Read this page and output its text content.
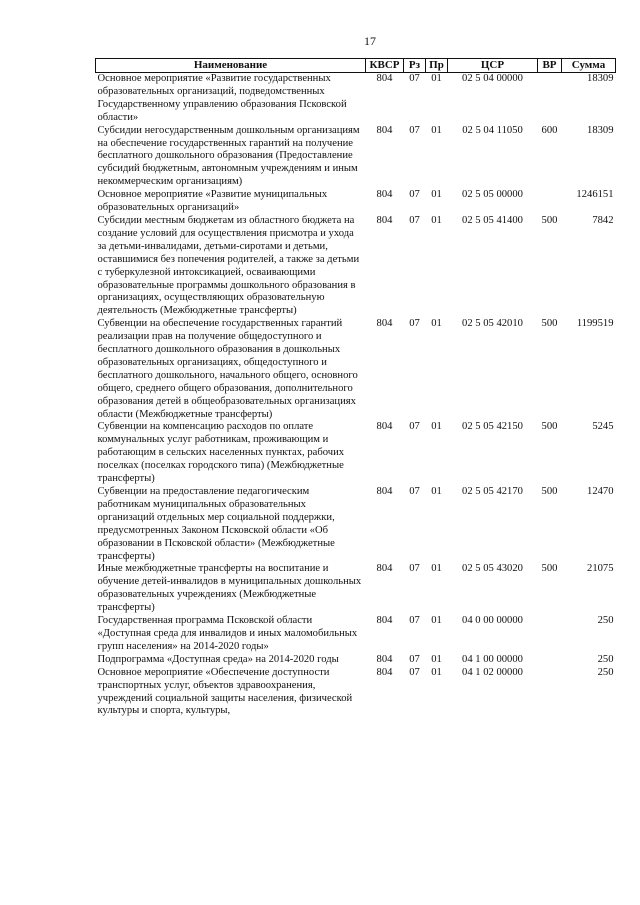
17
Наименование	КВСР	Рз	Пр	ЦСР	ВР	Сумма
Основное мероприятие «Развитие государственных образовательных организаций, подведомственных Государственному управлению образования Псковской области»	804	07	01	02 5 04 00000		18309
Субсидии негосударственным дошкольным организациям на обеспечение государственных гарантий на получение бесплатного дошкольного образования (Предоставление субсидий бюджетным, автономным учреждениям и иным некоммерческим организациям)	804	07	01	02 5 04 11050	600	18309
Основное мероприятие «Развитие муниципальных образовательных организаций»	804	07	01	02 5 05 00000		1246151
Субсидии местным бюджетам из областного бюджета на создание условий для осуществления присмотра и ухода за детьми-инвалидами, детьми-сиротами и детьми, оставшимися без попечения родителей, а также за детьми с туберкулезной интоксикацией, осваивающими образовательные программы дошкольного образования в организациях, осуществляющих образовательную деятельность (Межбюджетные трансферты)	804	07	01	02 5 05 41400	500	7842
Субвенции на обеспечение государственных гарантий реализации прав на получение общедоступного и бесплатного дошкольного образования в дошкольных образовательных организациях, общедоступного и бесплатного дошкольного, начального общего, основного общего, среднего общего образования, дополнительного образования детей в общеобразовательных организациях области (Межбюджетные трансферты)	804	07	01	02 5 05 42010	500	1199519
Субвенции на компенсацию расходов по оплате коммунальных услуг работникам, проживающим и работающим в сельских населенных пунктах, рабочих поселках (поселках городского типа) (Межбюджетные трансферты)	804	07	01	02 5 05 42150	500	5245
Субвенции на предоставление педагогическим работникам муниципальных образовательных организаций отдельных мер социальной поддержки, предусмотренных Законом Псковской области «Об образовании в Псковской области» (Межбюджетные трансферты)	804	07	01	02 5 05 42170	500	12470
Иные межбюджетные трансферты на воспитание и обучение детей-инвалидов в муниципальных дошкольных образовательных учреждениях (Межбюджетные трансферты)	804	07	01	02 5 05 43020	500	21075
Государственная программа Псковской области «Доступная среда для инвалидов и иных маломобильных групп населения» на 2014-2020 годы»	804	07	01	04 0 00 00000		250
Подпрограмма «Доступная среда» на 2014-2020 годы	804	07	01	04 1 00 00000		250
Основное мероприятие «Обеспечение доступности транспортных услуг, объектов здравоохранения, учреждений социальной защиты населения, физической культуры и спорта, культуры,	804	07	01	04 1 02 00000		250
